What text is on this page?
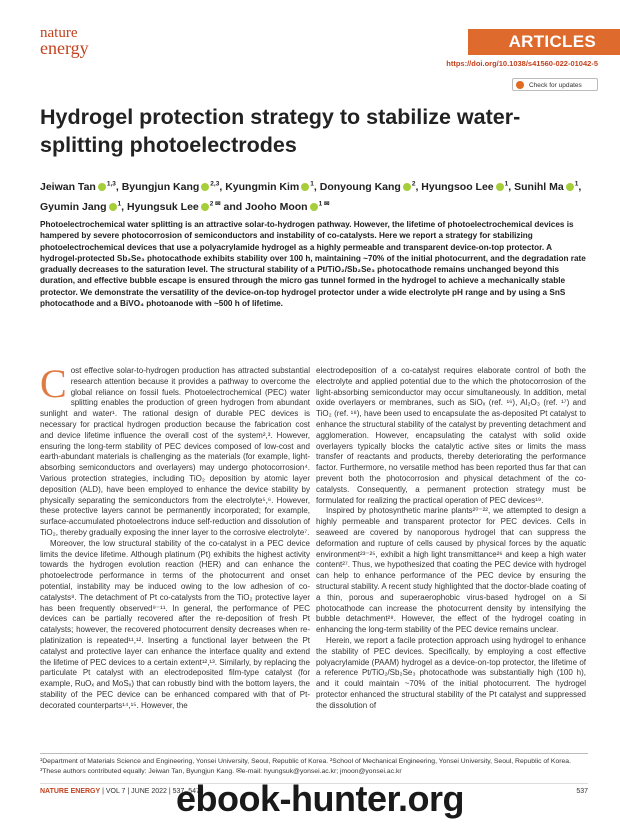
nature
energy	ARTICLES
https://doi.org/10.1038/s41560-022-01042-5
Check for updates
Hydrogel protection strategy to stabilize water-splitting photoelectrodes
Jeiwan Tan $^{1,3}$, Byungjun Kang $^{2,3}$, Kyungmin Kim $^1$, Donyoung Kang $^2$, Hyungsoo Lee $^1$, Sunihl Ma $^1$, Gyumin Jang $^1$, Hyungsuk Lee $^{2 ✉}$ and Jooho Moon $^{1 ✉}$
Photoelectrochemical water splitting is an attractive solar-to-hydrogen pathway. However, the lifetime of photoelectrochemical devices is hampered by severe photocorrosion of semiconductors and instability of co-catalysts. Here we report a strategy for stabilizing photoelectrochemical devices that use a polyacrylamide hydrogel as a highly permeable and transparent device-on-top protector. A hydrogel-protected Sb₂Se₃ photocathode exhibits stability over 100 h, maintaining ~70% of the initial photocurrent, and the degradation rate gradually decreases to the saturation level. The structural stability of a Pt/TiO₂/Sb₂Se₃ photocathode remains unchanged beyond this duration, and effective bubble escape is ensured through the micro gas tunnel formed in the hydrogel to achieve a mechanically stable protector. We demonstrate the versatility of the device-on-top hydrogel protector under a wide electrolyte pH range and by using a SnS photocathode and a BiVO₄ photoanode with ~500 h of lifetime.

Cost effective solar-to-hydrogen production has attracted substantial research attention because it provides a pathway to overcome the global reliance on fossil fuels. Photoelectrochemical (PEC) water splitting enables the production of green hydrogen from abundant sunlight and water¹. The rational design of durable PEC devices is necessary for practical hydrogen production because the fabrication cost and device lifetime influence the overall cost of the system²,³. However, ensuring the long-term stability of PEC devices composed of low-cost and earth-abundant materials is challenging as the materials (for example, light-absorbing semiconductors and overlayers) may undergo photocorrosion⁴. Various protection strategies, including TiO₂ deposition by atomic layer deposition (ALD), have been employed to enhance the device stability by physically separating the semiconductors from the electrolyte⁵,⁶. However, these protective layers cannot be permanently incorporated; for example, surface-accumulated photoelectrons induce self-reduction and dissolution of TiO₂, thereby gradually exposing the inner layer to the corrosive electrolyte⁷.

Moreover, the low structural stability of the co-catalyst in a PEC device limits the device lifetime. Although platinum (Pt) exhibits the highest activity towards the hydrogen evolution reaction (HER) and can enhance the photoelectrode performance in terms of the photocurrent and onset potential, instability may be induced owing to the low adhesion of co-catalysts⁸. The detachment of Pt co-catalysts from the TiO₂ protective layer has been frequently observed⁹⁻¹¹. In general, the performance of PEC devices can be partially recovered after the re-deposition of fresh Pt catalysts; however, the recovered photocurrent density decreases when re-platinization is repeated¹¹,¹². Inserting a functional layer between the Pt catalyst and protective layer can enhance the interface quality and extend the lifetime of PEC devices to a certain extent¹²,¹³. Similarly, by replacing the particulate Pt catalyst with an electrodeposited film-type catalyst (for example, RuOₓ and MoSₓ) that can robustly bind with the bottom layers, the stability of the PEC device can be enhanced compared with that of Pt-decorated counterparts¹⁴,¹⁵. However, the

electrodeposition of a co-catalyst requires elaborate control of both the electrolyte and applied potential due to the which the photocorrosion of the light-absorbing semiconductor may occur simultaneously. In addition, metal oxide overlayers or membranes, such as SiOₓ (ref. ¹⁶), Al₂O₃ (ref. ¹⁷) and TiO₂ (ref. ¹⁸), have been used to encapsulate the as-deposited Pt catalyst to enhance the structural stability of the catalyst by preventing detachment and agglomeration. However, encapsulating the catalyst with solid oxide overlayers typically blocks the catalytic active sites or limits the mass transfer of reactants and products, thereby deteriorating the performance factor. Furthermore, no versatile method has been reported thus far that can prevent both the photocorrosion and physical detachment of the co-catalysts. Consequently, a permanent protection strategy must be formulated for realizing the practical operation of PEC devices¹⁹.

Inspired by photosynthetic marine plants²⁰⁻²², we attempted to design a highly permeable and transparent protector for PEC devices. Cells in seaweed are covered by nanoporous hydrogel that can suppress the deformation and rupture of cells caused by physical forces by the aquatic environment²³⁻²⁵, exhibit a high light transmittance²⁶ and keep a high water content²⁷. Thus, we hypothesized that coating the PEC device with hydrogel can help to enhance performance of the PEC device by ensuring the structural stability. A recent study highlighted that the doctor-blade coating of a thin, porous and superaerophobic virus-based hydrogel on a Si photocathode can increase the photocurrent density by intensifying the bubble detachment²⁸. However, the effect of the hydrogel coating in enhancing the long-term stability of the PEC device remains unclear.

Herein, we report a facile protection approach using hydrogel to enhance the stability of PEC devices. Specifically, by employing a cost effective polyacrylamide (PAAM) hydrogel as a device-on-top protector, the lifetime of a reference Pt/TiO₂/Sb₂Se₃ photocathode was substantially high (100 h), and it could maintain ~70% of the initial photocurrent. The hydrogel protector enhanced the structural stability of the Pt catalyst and suppressed the dissolution of

¹Department of Materials Science and Engineering, Yonsei University, Seoul, Republic of Korea. ²School of Mechanical Engineering, Yonsei University, Seoul, Republic of Korea. ³These authors contributed equally: Jeiwan Tan, Byungjun Kang. ✉e-mail: hyungsuk@yonsei.ac.kr; jmoon@yonsei.ac.kr
NATURE ENERGY | VOL 7 | JUNE 2022 | 537–547 |	537
ebook-hunter.org
